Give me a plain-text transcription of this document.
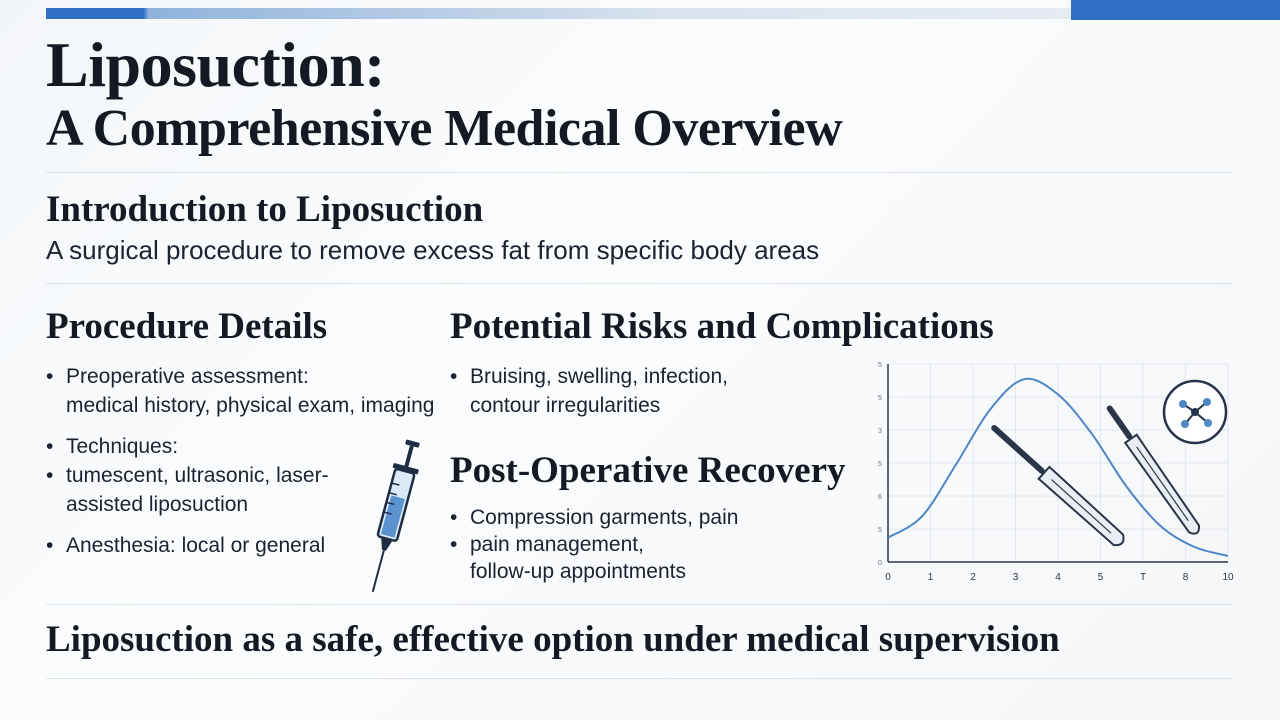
Liposuction:
A Comprehensive Medical Overview
Introduction to Liposuction
A surgical procedure to remove excess fat from specific body areas
Procedure Details
• Preoperative assessment:
medical history, physical exam, imaging
• Techniques:
• tumescent, ultrasonic, laser-
assisted liposuction
• Anesthesia: local or general
Potential Risks and Complications
• Bruising, swelling, infection,
contour irregularities
Post-Operative Recovery
• Compression garments, pain
• pain management,
follow-up appointments	0	1	2	3	4	5	T	8	10
0
5
6
5
3
5
5
Liposuction as a safe, effective option under medical supervision
